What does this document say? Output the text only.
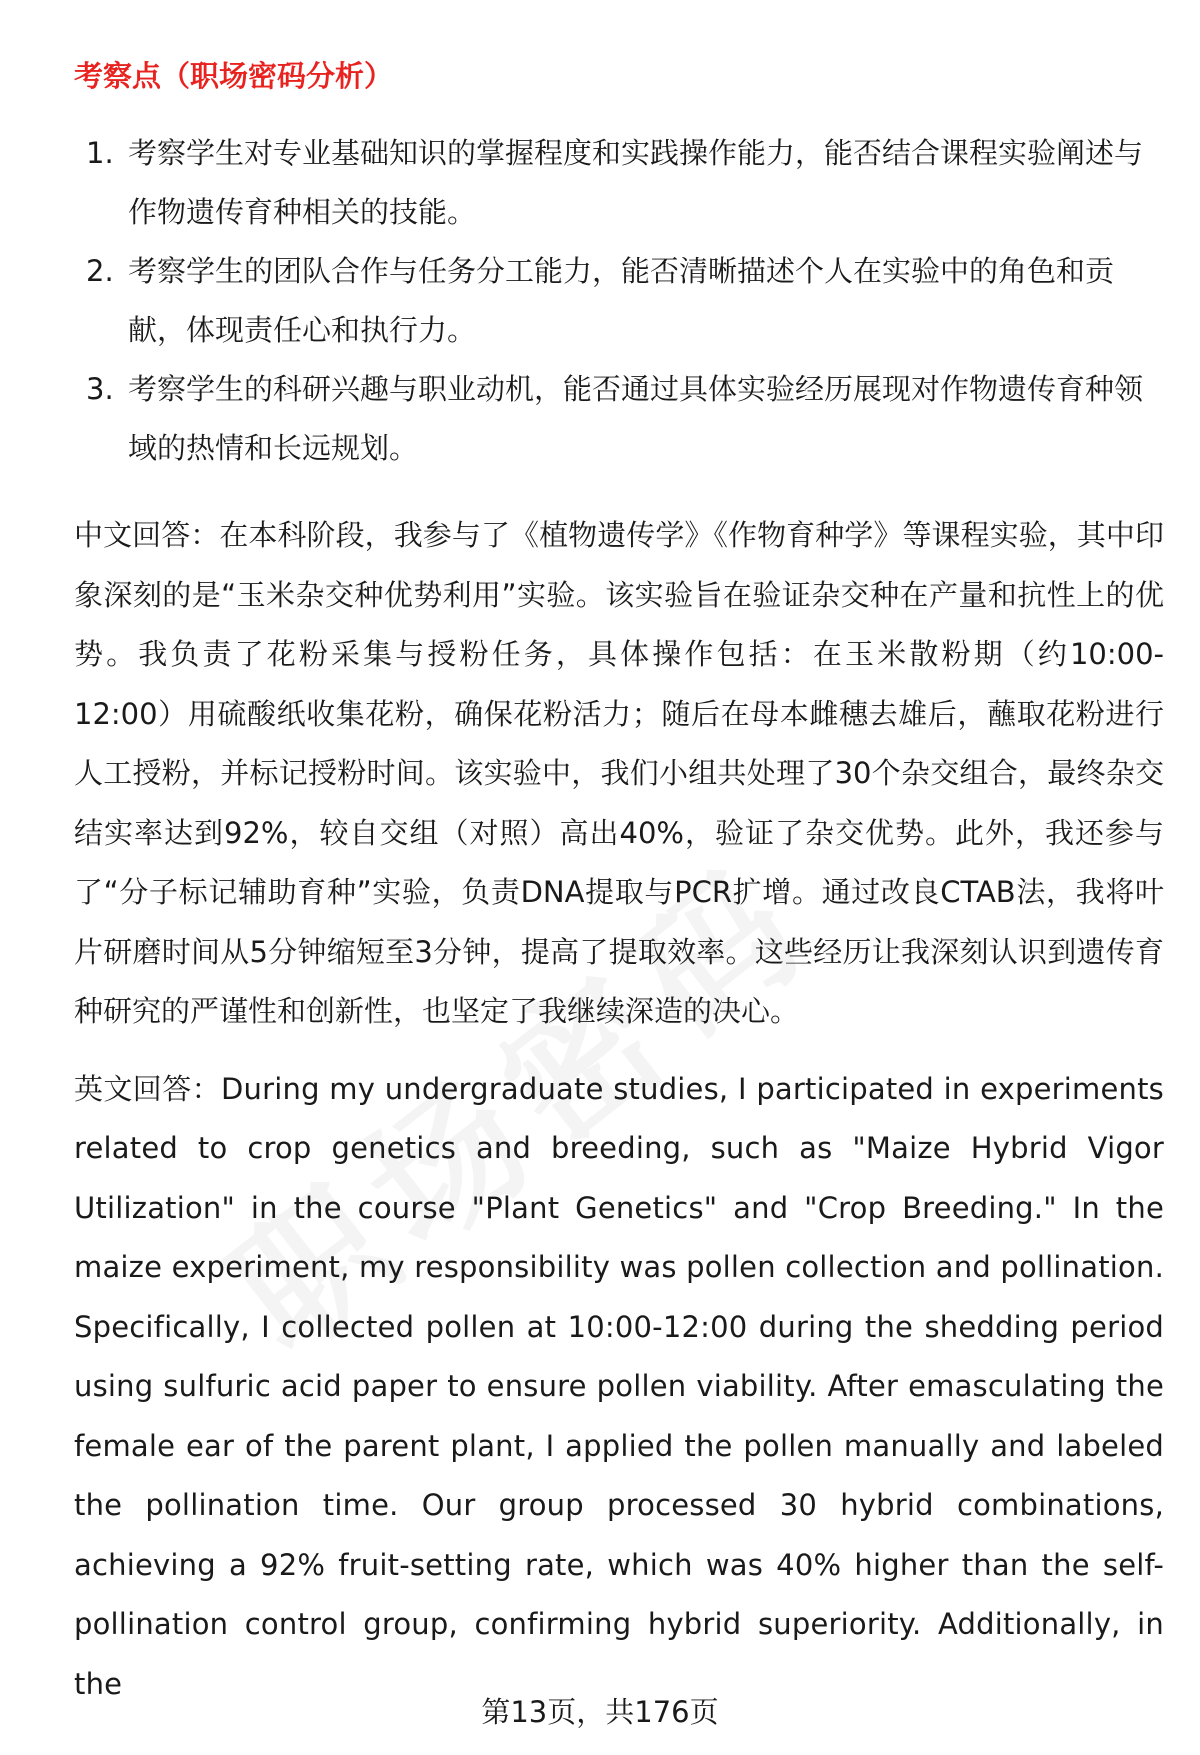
考察点（职场密码分析）
1. 考察学生对专业基础知识的掌握程度和实践操作能力，能否结合课程实验阐述与作物遗传育种相关的技能。
2. 考察学生的团队合作与任务分工能力，能否清晰描述个人在实验中的角色和贡献，体现责任心和执行力。
3. 考察学生的科研兴趣与职业动机，能否通过具体实验经历展现对作物遗传育种领域的热情和长远规划。

中文回答：在本科阶段，我参与了《植物遗传学》《作物育种学》等课程实验，其中印象深刻的是“玉米杂交种优势利用”实验。该实验旨在验证杂交种在产量和抗性上的优势。我负责了花粉采集与授粉任务，具体操作包括：在玉米散粉期（约10:00-12:00）用硫酸纸收集花粉，确保花粉活力；随后在母本雌穗去雄后，蘸取花粉进行人工授粉，并标记授粉时间。该实验中，我们小组共处理了30个杂交组合，最终杂交结实率达到92%，较自交组（对照）高出40%，验证了杂交优势。此外，我还参与了“分子标记辅助育种”实验，负责DNA提取与PCR扩增。通过改良CTAB法，我将叶片研磨时间从5分钟缩短至3分钟，提高了提取效率。这些经历让我深刻认识到遗传育种研究的严谨性和创新性，也坚定了我继续深造的决心。

英文回答：During my undergraduate studies, I participated in experiments related to crop genetics and breeding, such as "Maize Hybrid Vigor Utilization" in the course "Plant Genetics" and "Crop Breeding." In the maize experiment, my responsibility was pollen collection and pollination. Specifically, I collected pollen at 10:00-12:00 during the shedding period using sulfuric acid paper to ensure pollen viability. After emasculating the female ear of the parent plant, I applied the pollen manually and labeled the pollination time. Our group processed 30 hybrid combinations, achieving a 92% fruit-setting rate, which was 40% higher than the self-pollination control group, confirming hybrid superiority. Additionally, in the

第13页，共176页
